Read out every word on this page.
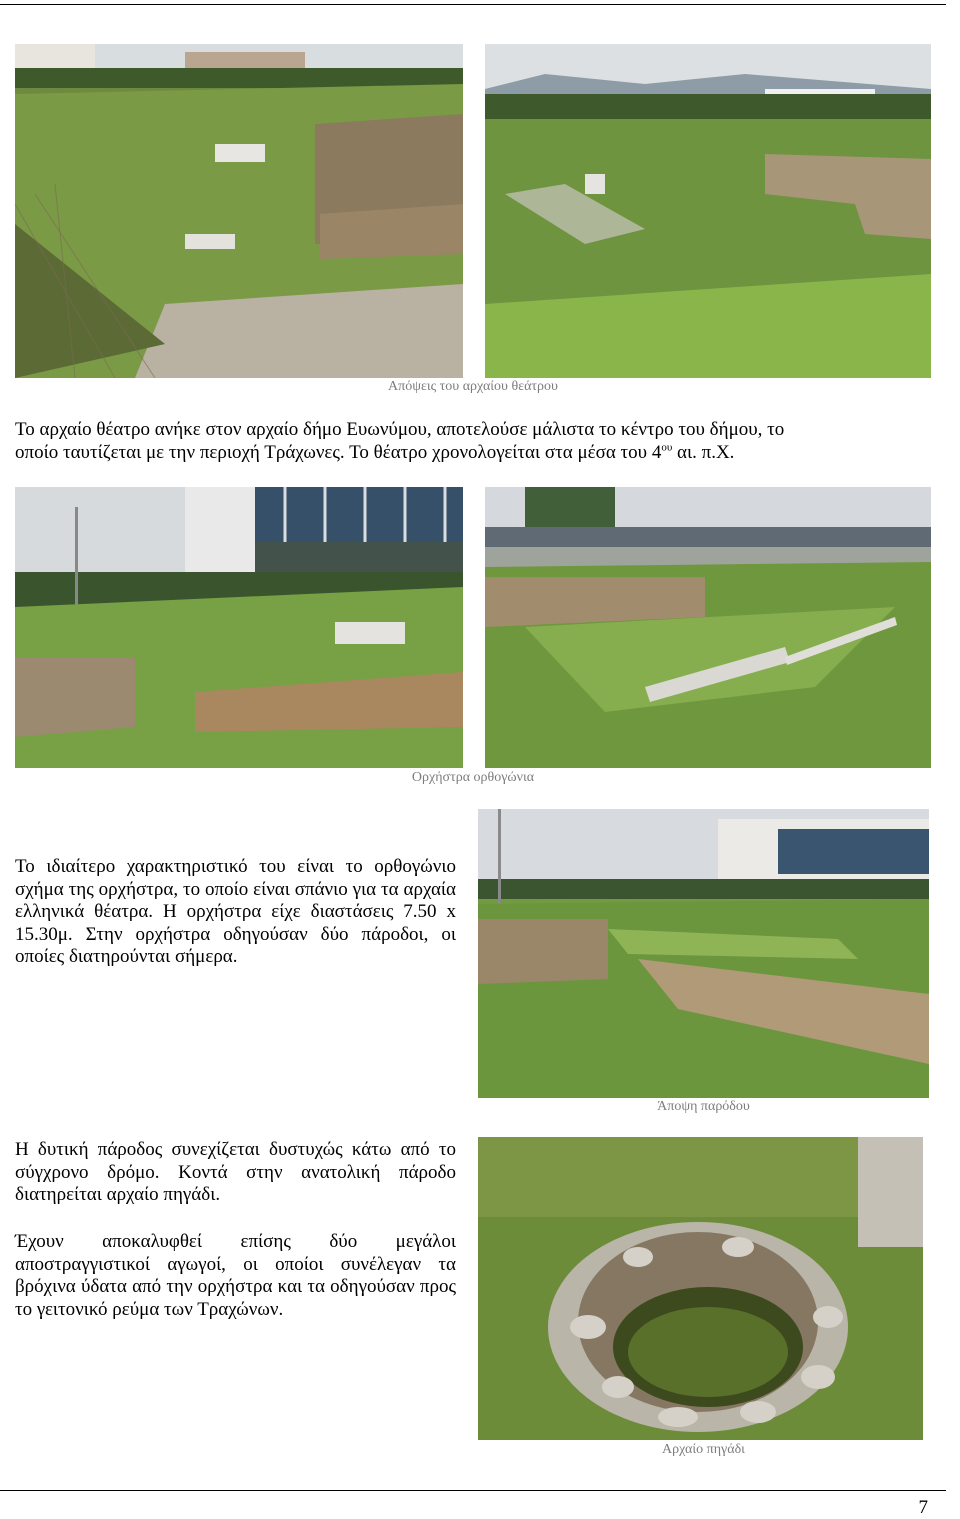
Απόψεις του αρχαίου θεάτρου

Το αρχαίο θέατρο ανήκε στον αρχαίο δήμο Ευωνύμου, αποτελούσε μάλιστα το κέντρο του δήμου, το
οποίο ταυτίζεται με την περιοχή Τράχωνες. Το θέατρο χρονολογείται στα μέσα του $4^{o\upsilon}$ αι. π.Χ.

Ορχήστρα ορθογώνια

Το ιδιαίτερο χαρακτηριστικό του είναι το ορθογώνιο σχήμα της ορχήστρα, το οποίο είναι σπάνιο για τα αρχαία ελληνικά θέατρα. Η ορχήστρα είχε διαστάσεις 7.50 x 15.30μ. Στην ορχήστρα οδηγούσαν δύο πάροδοι, οι οποίες διατηρούνται σήμερα.

Άποψη παρόδου

Η δυτική πάροδος συνεχίζεται δυστυχώς κάτω από το σύγχρονο δρόμο. Κοντά στην ανατολική πάροδο διατηρείται αρχαίο πηγάδι.

Έχουν αποκαλυφθεί επίσης δύο μεγάλοι αποστραγγιστικοί αγωγοί, οι οποίοι συνέλεγαν τα βρόχινα ύδατα από την ορχήστρα και τα οδηγούσαν προς το γειτονικό ρεύμα των Τραχώνων.

Αρχαίο πηγάδι
7
